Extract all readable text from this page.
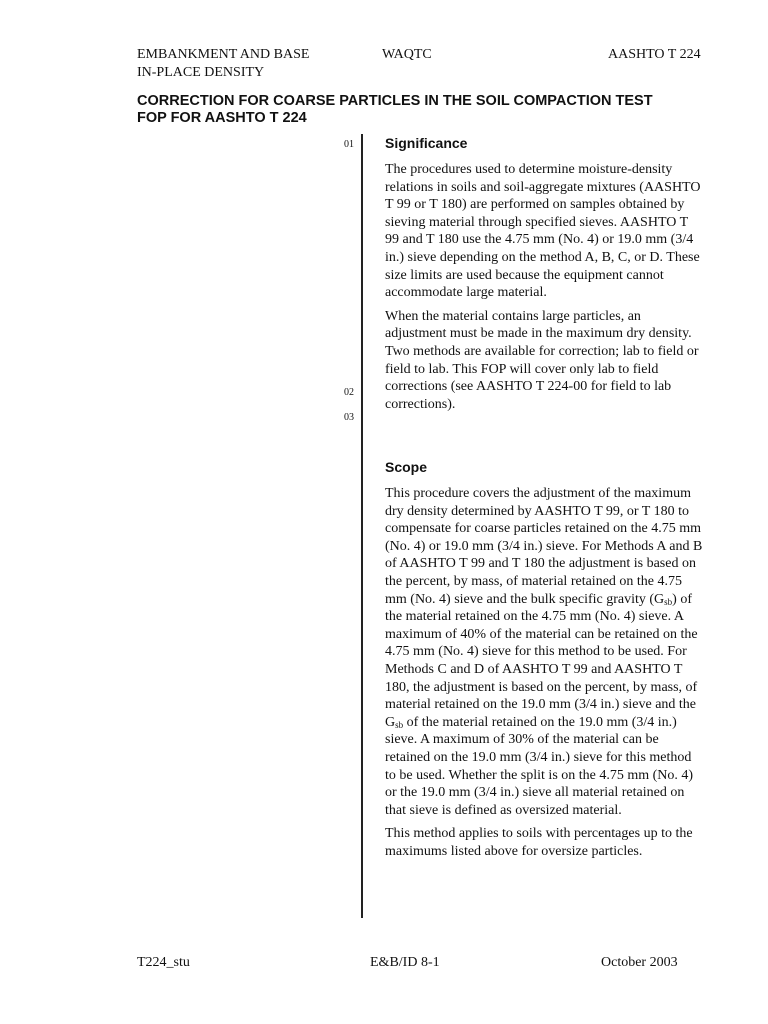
EMBANKMENT AND BASE
IN-PLACE DENSITY
WAQTC	AASHTO T 224
CORRECTION FOR COARSE PARTICLES IN THE SOIL COMPACTION TEST
FOP FOR AASHTO T 224
01
02
03
Significance
The procedures used to determine moisture-density relations in soils and soil-aggregate mixtures (AASHTO T 99 or T 180) are performed on samples obtained by sieving material through specified sieves. AASHTO T 99 and T 180 use the 4.75 mm (No. 4) or 19.0 mm (3/4 in.) sieve depending on the method A, B, C, or D. These size limits are used because the equipment cannot accommodate large material.
When the material contains large particles, an adjustment must be made in the maximum dry density. Two methods are available for correction; lab to field or field to lab. This FOP will cover only lab to field corrections (see AASHTO T 224-00 for field to lab corrections).
Scope
This procedure covers the adjustment of the maximum dry density determined by AASHTO T 99, or T 180 to compensate for coarse particles retained on the 4.75 mm (No. 4) or 19.0 mm (3/4 in.) sieve. For Methods A and B of AASHTO T 99 and T 180 the adjustment is based on the percent, by mass, of material retained on the 4.75 mm (No. 4) sieve and the bulk specific gravity $(G_{sb})$ of the material retained on the 4.75 mm (No. 4) sieve. A maximum of 40% of the material can be retained on the 4.75 mm (No. 4) sieve for this method to be used. For Methods C and D of AASHTO T 99 and AASHTO T 180, the adjustment is based on the percent, by mass, of material retained on the 19.0 mm (3/4 in.) sieve and the $G_{sb}$ of the material retained on the 19.0 mm (3/4 in.) sieve. A maximum of 30% of the material can be retained on the 19.0 mm (3/4 in.) sieve for this method to be used. Whether the split is on the 4.75 mm (No. 4) or the 19.0 mm (3/4 in.) sieve all material retained on that sieve is defined as oversized material.
This method applies to soils with percentages up to the maximums listed above for oversize particles.
T224_stu	E&B/ID 8-1	October 2003
